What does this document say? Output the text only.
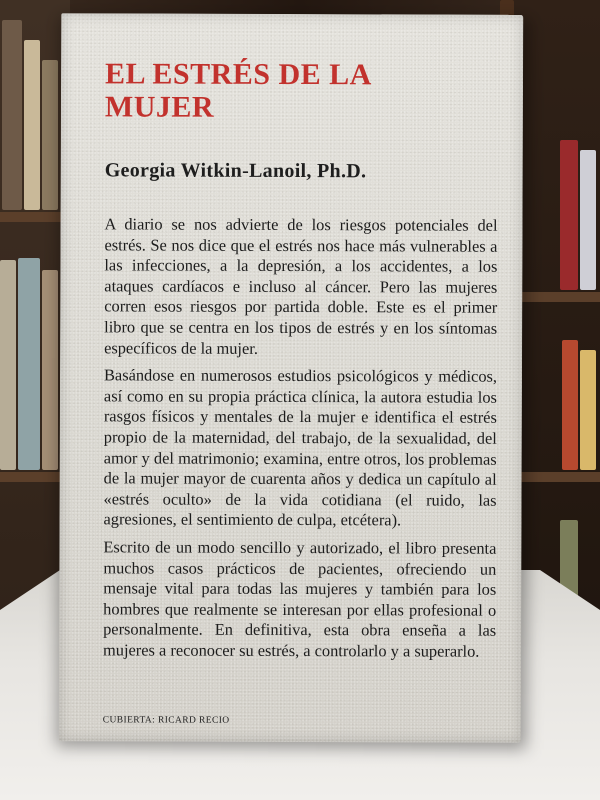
EL ESTRÉS DE LA MUJER

Georgia Witkin-Lanoil, Ph.D.

A diario se nos advierte de los riesgos potenciales del estrés. Se nos dice que el estrés nos hace más vulnerables a las infecciones, a la depresión, a los accidentes, a los ataques cardíacos e incluso al cáncer. Pero las mujeres corren esos riesgos por partida doble. Este es el primer libro que se centra en los tipos de estrés y en los síntomas específicos de la mujer.

Basándose en numerosos estudios psicológicos y médicos, así como en su propia práctica clínica, la autora estudia los rasgos físicos y mentales de la mujer e identifica el estrés propio de la maternidad, del trabajo, de la sexualidad, del amor y del matrimonio; examina, entre otros, los problemas de la mujer mayor de cuarenta años y dedica un capítulo al «estrés oculto» de la vida cotidiana (el ruido, las agresiones, el sentimiento de culpa, etcétera).

Escrito de un modo sencillo y autorizado, el libro presenta muchos casos prácticos de pacientes, ofreciendo un mensaje vital para todas las mujeres y también para los hombres que realmente se interesan por ellas profesional o personalmente. En definitiva, esta obra enseña a las mujeres a reconocer su estrés, a controlarlo y a superarlo.

CUBIERTA: RICARD RECIO
